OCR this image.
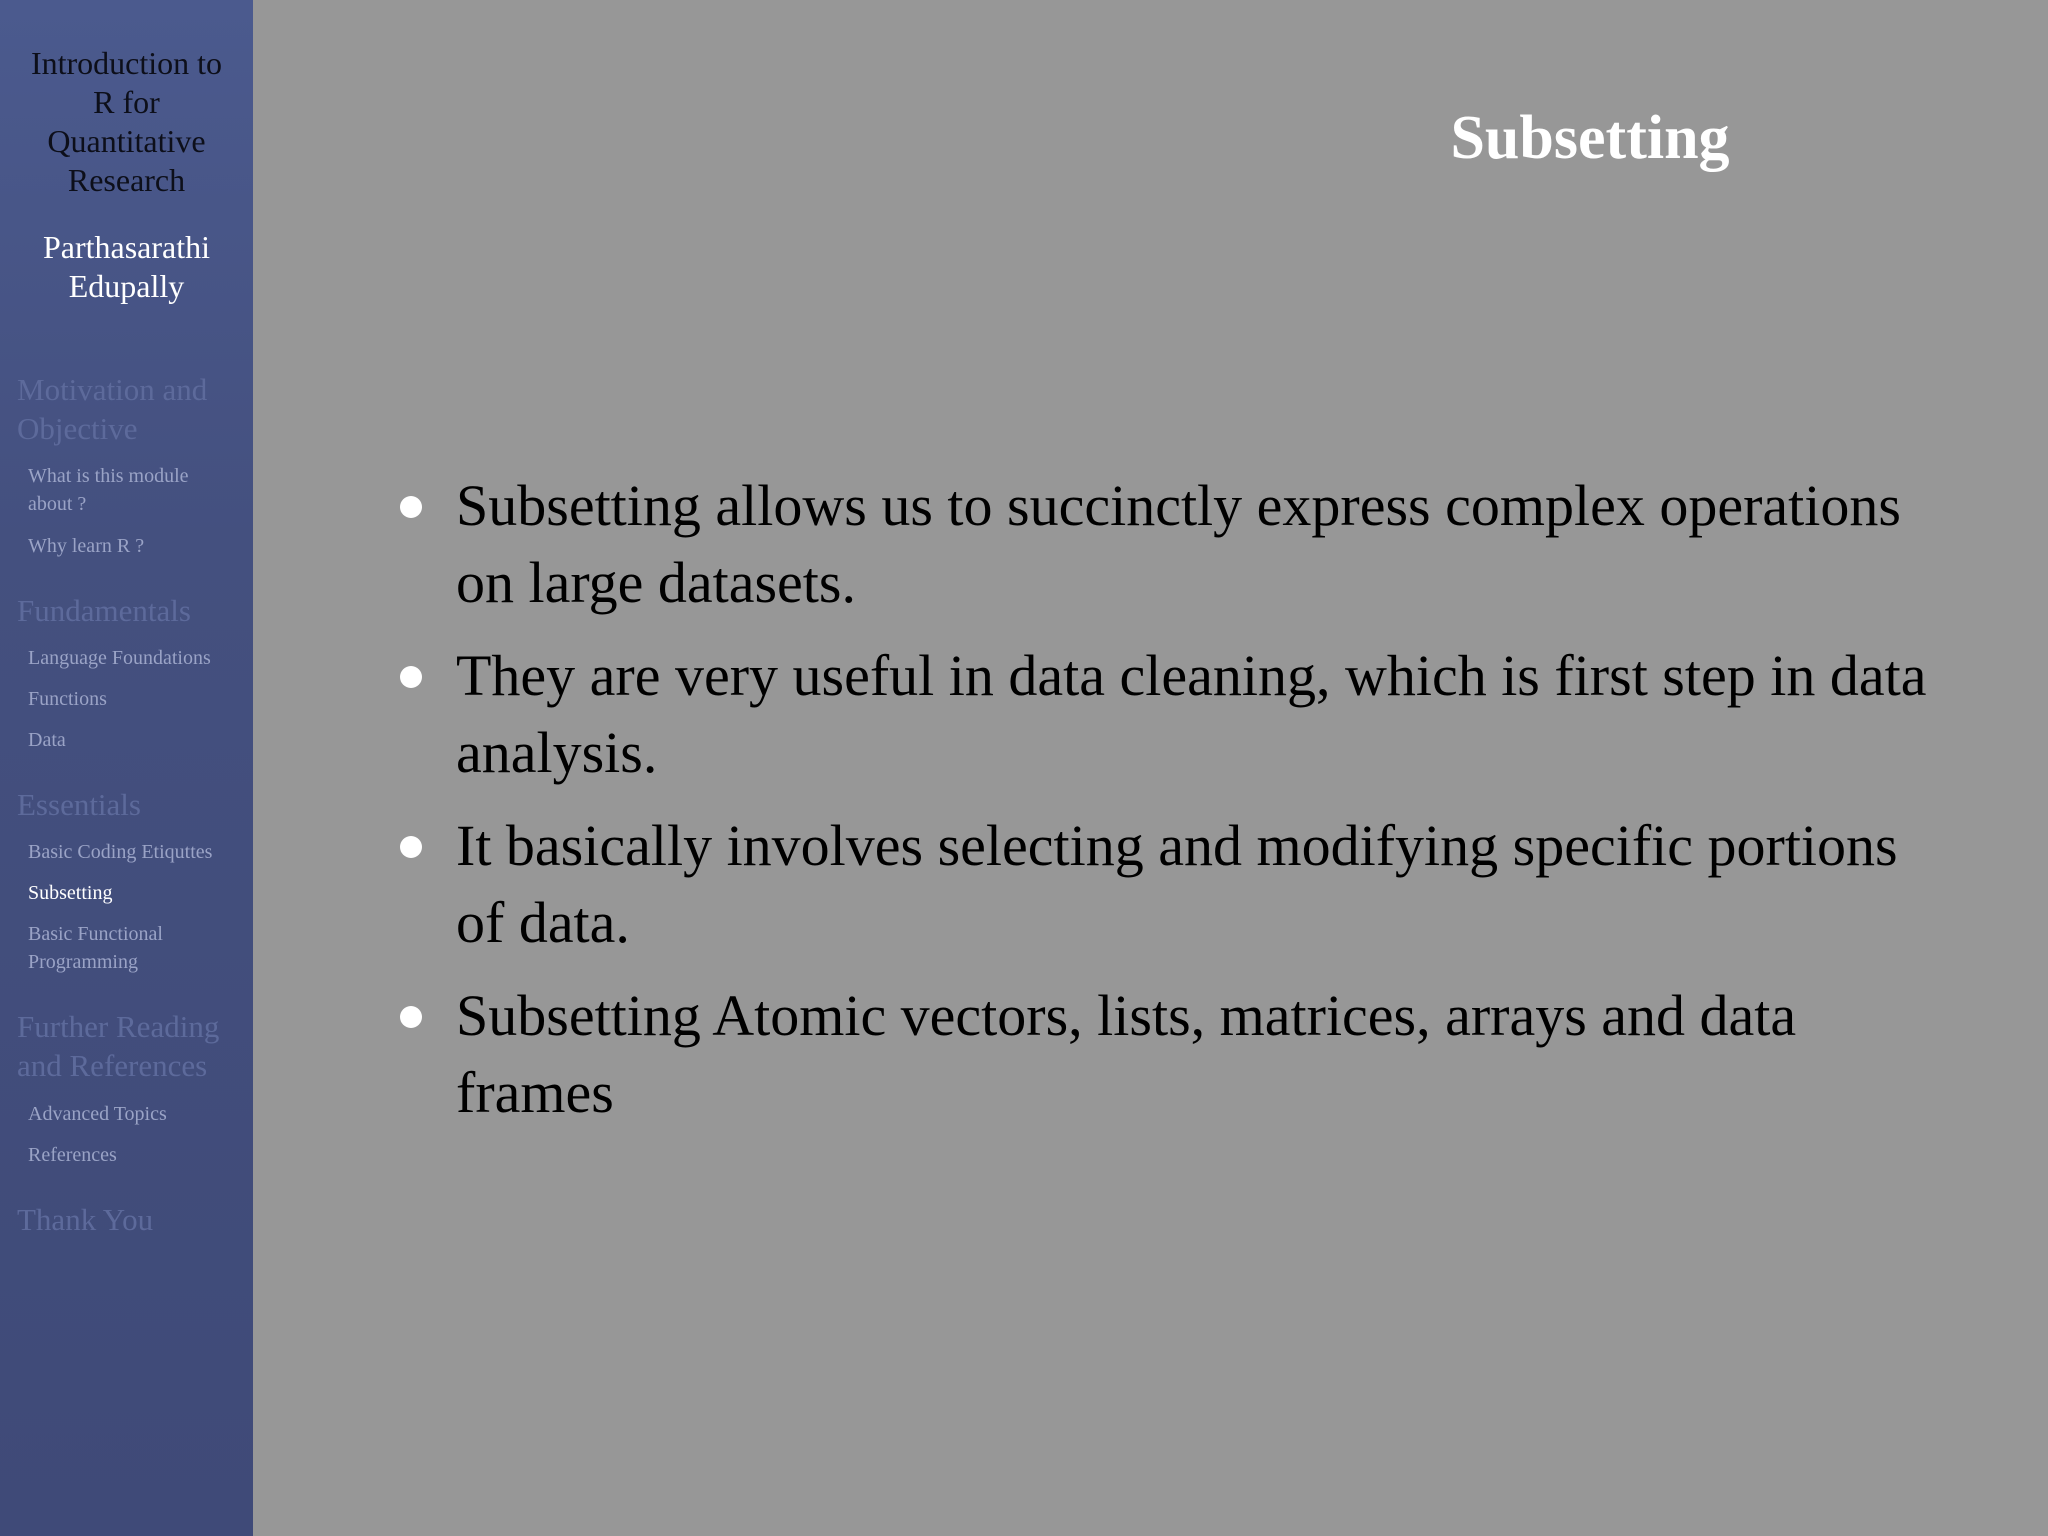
Introduction to
R for
Quantitative
Research
Parthasarathi
Edupally
Motivation and
Objective
What is this module
about ?
Why learn R ?
Fundamentals
Language Foundations
Functions
Data
Essentials
Basic Coding Etiquttes
Subsetting
Basic Functional
Programming
Further Reading
and References
Advanced Topics
References
Thank You
Subsetting
Subsetting allows us to succinctly express complex operations on large datasets.
They are very useful in data cleaning, which is first step in data analysis.
It basically involves selecting and modifying specific portions of data.
Subsetting Atomic vectors, lists, matrices, arrays and data frames
